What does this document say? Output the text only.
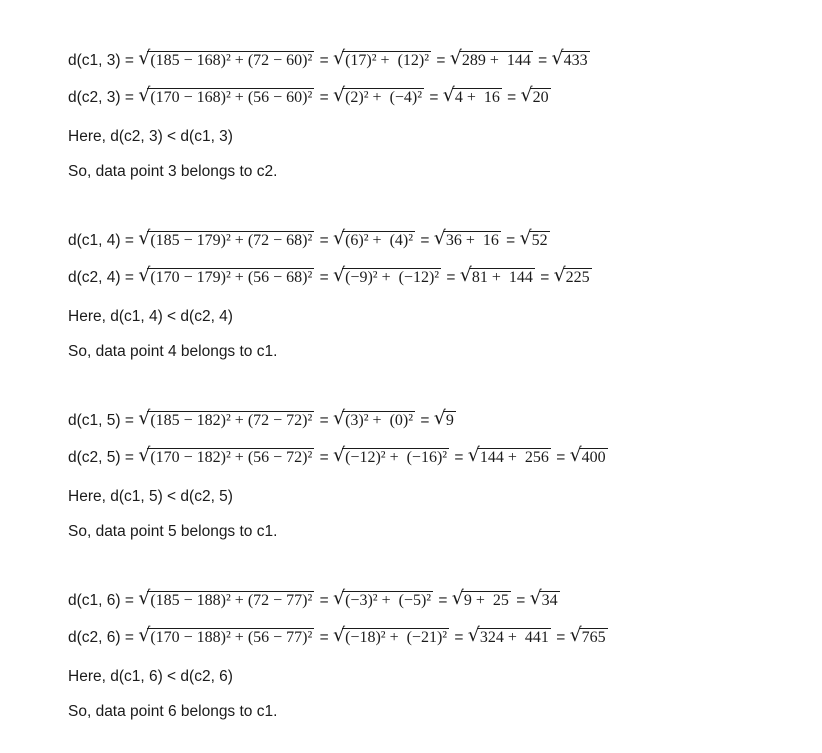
d(c1, 3) = √(185 − 168)² + (72 − 60)² = √(17)² +  (12)² = √289 +  144 = √433
d(c2, 3) = √(170 − 168)² + (56 − 60)² = √(2)² +  (−4)² = √4 +  16 = √20
Here, d(c2, 3) < d(c1, 3)
So, data point 3 belongs to c2.
d(c1, 4) = √(185 − 179)² + (72 − 68)² = √(6)² +  (4)² = √36 +  16 = √52
d(c2, 4) = √(170 − 179)² + (56 − 68)² = √(−9)² +  (−12)² = √81 +  144 = √225
Here, d(c1, 4) < d(c2, 4)
So, data point 4 belongs to c1.
d(c1, 5) = √(185 − 182)² + (72 − 72)² = √(3)² +  (0)² = √9
d(c2, 5) = √(170 − 182)² + (56 − 72)² = √(−12)² +  (−16)² = √144 +  256 = √400
Here, d(c1, 5) < d(c2, 5)
So, data point 5 belongs to c1.
d(c1, 6) = √(185 − 188)² + (72 − 77)² = √(−3)² +  (−5)² = √9 +  25 = √34
d(c2, 6) = √(170 − 188)² + (56 − 77)² = √(−18)² +  (−21)² = √324 +  441 = √765
Here, d(c1, 6) < d(c2, 6)
So, data point 6 belongs to c1.
